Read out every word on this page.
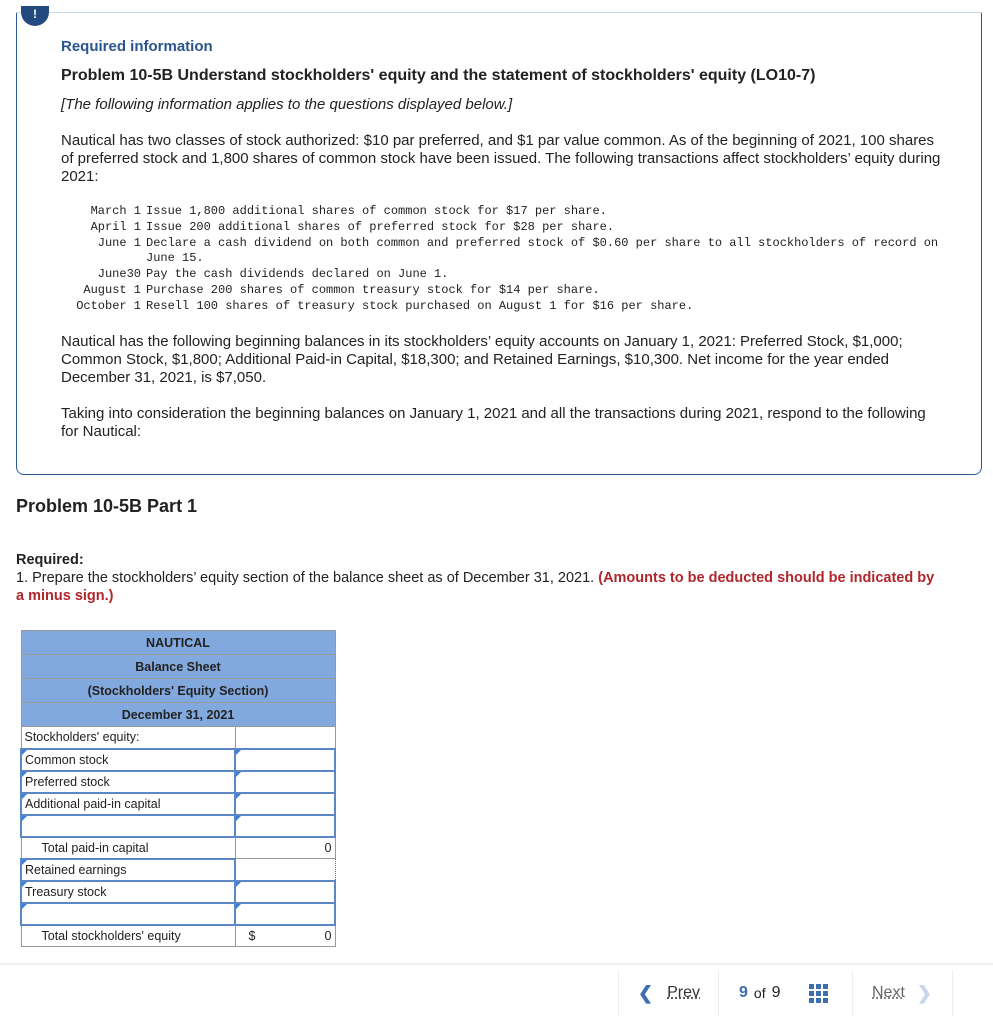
!
Required information
Problem 10-5B Understand stockholders' equity and the statement of stockholders' equity (LO10-7)
[The following information applies to the questions displayed below.]

Nautical has two classes of stock authorized: $10 par preferred, and $1 par value common. As of the beginning of 2021, 100 shares of preferred stock and 1,800 shares of common stock have been issued. The following transactions affect stockholders’ equity during 2021:

March 1 Issue 1,800 additional shares of common stock for $17 per share.
April 1 Issue 200 additional shares of preferred stock for $28 per share.
June 1 Declare a cash dividend on both common and preferred stock of $0.60 per share to all stockholders of record on June 15.
June30 Pay the cash dividends declared on June 1.
August 1 Purchase 200 shares of common treasury stock for $14 per share.
October 1 Resell 100 shares of treasury stock purchased on August 1 for $16 per share.

Nautical has the following beginning balances in its stockholders’ equity accounts on January 1, 2021: Preferred Stock, $1,000; Common Stock, $1,800; Additional Paid-in Capital, $18,300; and Retained Earnings, $10,300. Net income for the year ended December 31, 2021, is $7,050.

Taking into consideration the beginning balances on January 1, 2021 and all the transactions during 2021, respond to the following for Nautical:

Problem 10-5B Part 1
Required:
1. Prepare the stockholders’ equity section of the balance sheet as of December 31, 2021. (Amounts to be deducted should be indicated by a minus sign.)
NAUTICAL	
Balance Sheet	
(Stockholders' Equity Section)	
December 31, 2021	
Stockholders' equity:	
Common stock	
Preferred stock	
Additional paid-in capital	

Total paid-in capital	0
Retained earnings	
Treasury stock	

Total stockholders' equity	$ 0
❮ Prev 9 of 9	Next ❯
